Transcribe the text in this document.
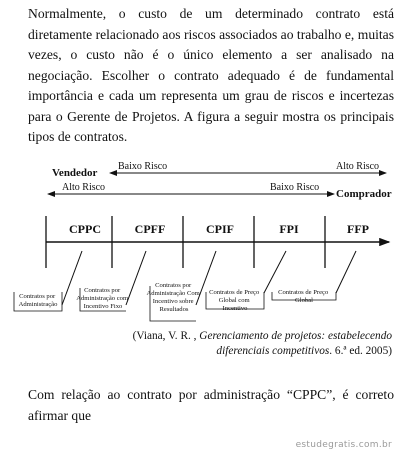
Normalmente, o custo de um determinado contrato está diretamente relacionado aos riscos associados ao trabalho e, muitas vezes, o custo não é o único elemento a ser analisado na negociação. Escolher o contrato adequado é de fundamental importância e cada um representa um grau de riscos e incertezas para o Gerente de Projetos. A figura a seguir mostra os principais tipos de contratos.
Vendedor
Baixo Risco	Alto Risco
Alto Risco	Baixo Risco
Comprador
CPPC	CPFF	CPIF	FPI	FFP
Contratos por Administração
Contratos por Administração com Incentivo Fixo
Contratos por Administração Com Incentivo sobre Resultados
Contratos de Preço Global com Incentivo
Contratos de Preço Global
(Viana, V. R. , Gerenciamento de projetos: estabelecendo diferenciais competitivos. 6.ª ed. 2005)
Com relação ao contrato por administração “CPPC”, é correto afirmar que
estudegratis.com.br
